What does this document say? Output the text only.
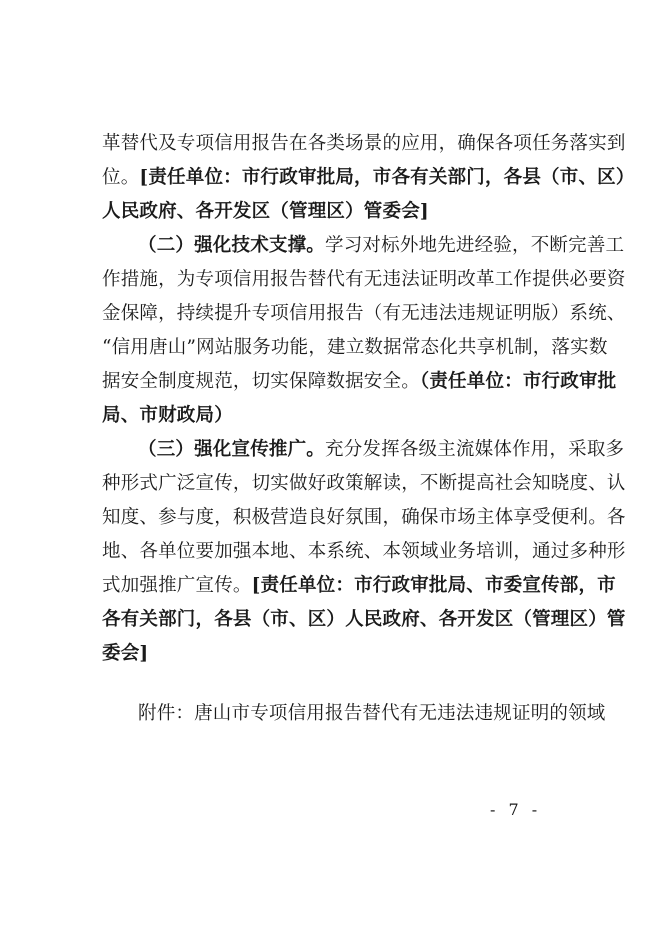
革替代及专项信用报告在各类场景的应用，确保各项任务落实到
位。[责任单位：市行政审批局，市各有关部门，各县（市、区）
人民政府、各开发区（管理区）管委会]
（二）强化技术支撑。学习对标外地先进经验，不断完善工
作措施，为专项信用报告替代有无违法证明改革工作提供必要资
金保障，持续提升专项信用报告（有无违法违规证明版）系统、
“信用唐山”网站服务功能，建立数据常态化共享机制，落实数
据安全制度规范，切实保障数据安全。（责任单位：市行政审批
局、市财政局）
（三）强化宣传推广。充分发挥各级主流媒体作用，采取多
种形式广泛宣传，切实做好政策解读，不断提高社会知晓度、认
知度、参与度，积极营造良好氛围，确保市场主体享受便利。各
地、各单位要加强本地、本系统、本领域业务培训，通过多种形
式加强推广宣传。[责任单位：市行政审批局、市委宣传部，市
各有关部门，各县（市、区）人民政府、各开发区（管理区）管
委会]
附件：唐山市专项信用报告替代有无违法违规证明的领域
- 7 -
